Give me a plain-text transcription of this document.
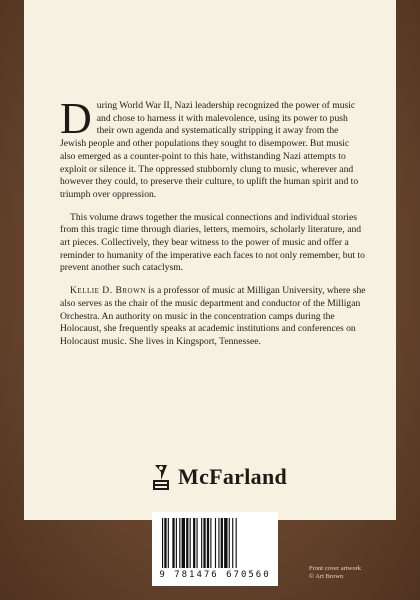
During World War II, Nazi leadership recognized the power of music and chose to harness it with malevolence, using its power to push their own agenda and systematically stripping it away from the Jewish people and other populations they sought to disempower. But music also emerged as a counter-point to this hate, withstanding Nazi attempts to exploit or silence it. The oppressed stubbornly clung to music, wherever and however they could, to preserve their culture, to uplift the human spirit and to triumph over oppression.

This volume draws together the musical connections and individual stories from this tragic time through diaries, letters, memoirs, scholarly literature, and art pieces. Collectively, they bear witness to the power of music and offer a reminder to humanity of the imperative each faces to not only remember, but to prevent another such cataclysm.

Kellie D. Brown is a professor of music at Milligan University, where she also serves as the chair of the music department and conductor of the Milligan Orchestra. An authority on music in the concentration camps during the Holocaust, she frequently speaks at academic institutions and conferences on Holocaust music. She lives in Kingsport, Tennessee.

McFarland
9 781476 670560
Front cover artwork
© Art Brown
